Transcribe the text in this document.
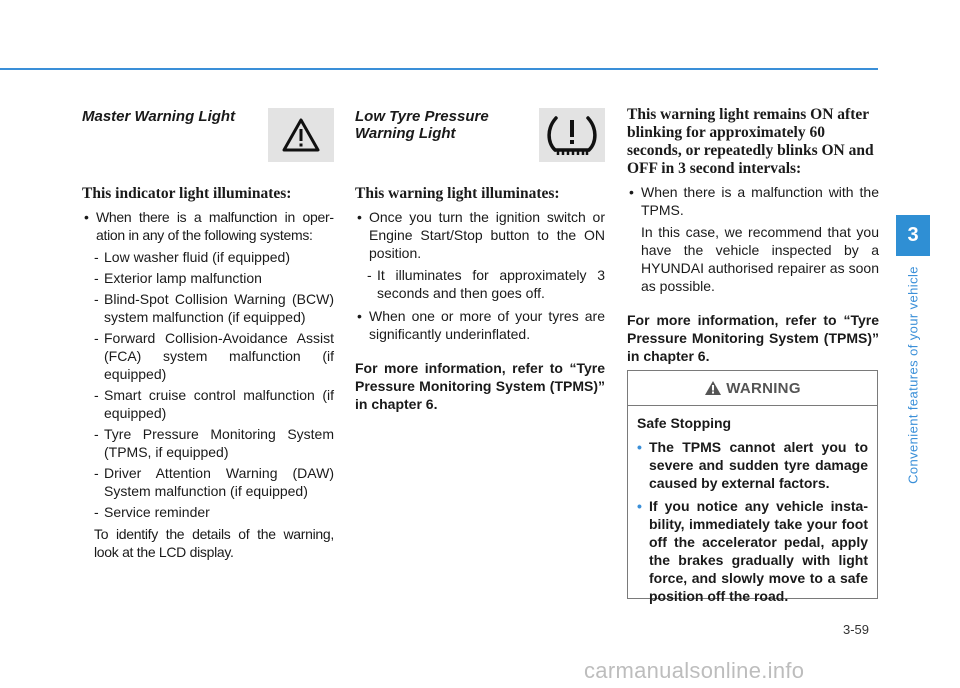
Master Warning Light

This indicator light illuminates:

• When there is a malfunction in operation in any of the following systems:
- Low washer fluid (if equipped)
- Exterior lamp malfunction
- Blind-Spot Collision Warning (BCW) system malfunction (if equipped)
- Forward Collision-Avoidance Assist (FCA) system malfunction (if equipped)
- Smart cruise control malfunction (if equipped)
- Tyre Pressure Monitoring System (TPMS, if equipped)
- Driver Attention Warning (DAW) System malfunction (if equipped)
- Service reminder

To identify the details of the warning, look at the LCD display.

Low Tyre Pressure Warning Light

This warning light illuminates:

• Once you turn the ignition switch or Engine Start/Stop button to the ON position.
- It illuminates for approximately 3 seconds and then goes off.
• When one or more of your tyres are significantly underinflated.
For more information, refer to “Tyre Pressure Monitoring System (TPMS)” in chapter 6.

This warning light remains ON after blinking for approximately 60 seconds, or repeatedly blinks ON and OFF in 3 second intervals:

• When there is a malfunction with the TPMS.

In this case, we recommend that you have the vehicle inspected by a HYUNDAI authorised repairer as soon as possible.

For more information, refer to “Tyre Pressure Monitoring System (TPMS)” in chapter 6.
WARNING

Safe Stopping

• The TPMS cannot alert you to severe and sudden tyre damage caused by external factors.
• If you notice any vehicle instability, immediately take your foot off the accelerator pedal, apply the brakes gradually with light force, and slowly move to a safe position off the road.
3
Convenient features of your vehicle
3-59
carmanualsonline.info
